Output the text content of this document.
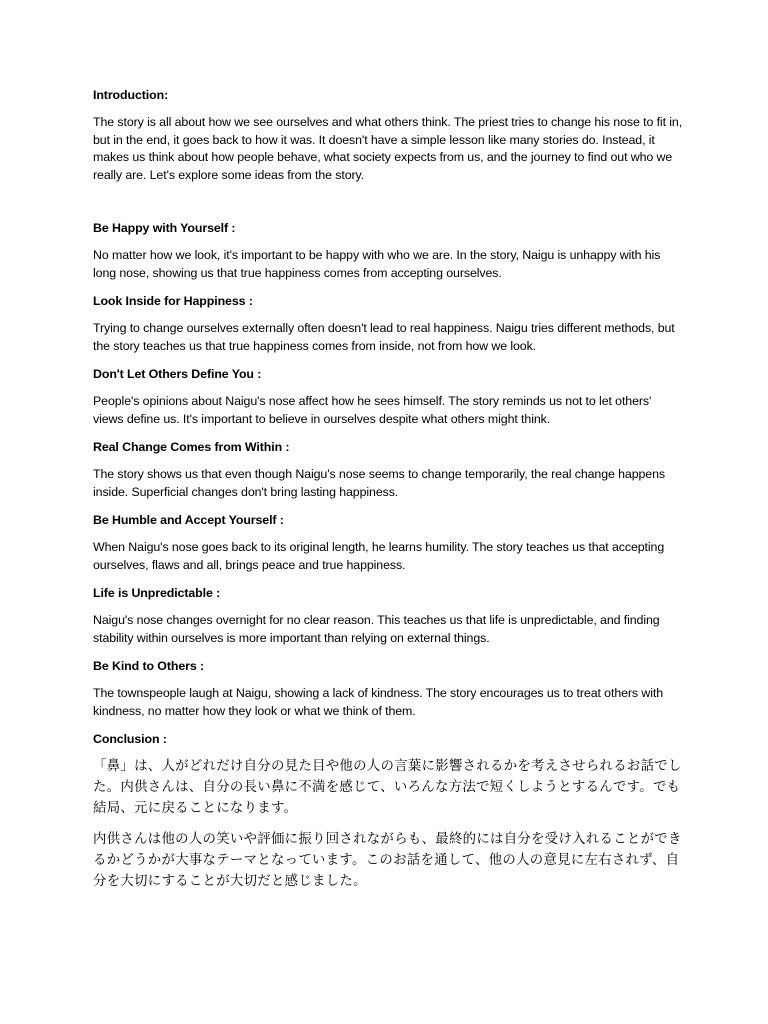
Introduction:
The story is all about how we see ourselves and what others think. The priest tries to change his nose to fit in, but in the end, it goes back to how it was. It doesn't have a simple lesson like many stories do. Instead, it makes us think about how people behave, what society expects from us, and the journey to find out who we really are. Let's explore some ideas from the story.
Be Happy with Yourself :
No matter how we look, it's important to be happy with who we are. In the story, Naigu is unhappy with his long nose, showing us that true happiness comes from accepting ourselves.
Look Inside for Happiness :
Trying to change ourselves externally often doesn't lead to real happiness. Naigu tries different methods, but the story teaches us that true happiness comes from inside, not from how we look.
Don't Let Others Define You :
People's opinions about Naigu's nose affect how he sees himself. The story reminds us not to let others' views define us. It's important to believe in ourselves despite what others might think.
Real Change Comes from Within :
The story shows us that even though Naigu's nose seems to change temporarily, the real change happens inside. Superficial changes don't bring lasting happiness.
Be Humble and Accept Yourself :
When Naigu's nose goes back to its original length, he learns humility. The story teaches us that accepting ourselves, flaws and all, brings peace and true happiness.
Life is Unpredictable :
Naigu's nose changes overnight for no clear reason. This teaches us that life is unpredictable, and finding stability within ourselves is more important than relying on external things.
Be Kind to Others :
The townspeople laugh at Naigu, showing a lack of kindness. The story encourages us to treat others with kindness, no matter how they look or what we think of them.
Conclusion :
「鼻」は、人がどれだけ自分の見た目や他の人の言葉に影響されるかを考えさせられるお話でした。内供さんは、自分の長い鼻に不満を感じて、いろんな方法で短くしようとするんです。でも結局、元に戻ることになります。
内供さんは他の人の笑いや評価に振り回されながらも、最終的には自分を受け入れることができるかどうかが大事なテーマとなっています。このお話を通して、他の人の意見に左右されず、自分を大切にすることが大切だと感じました。
